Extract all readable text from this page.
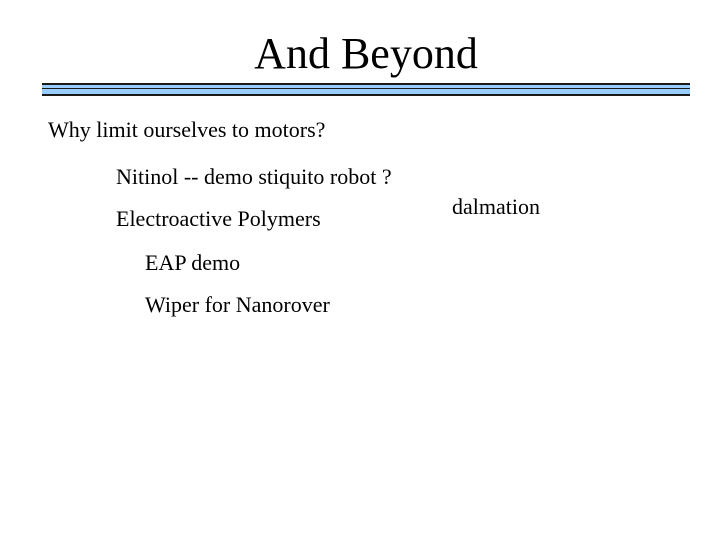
And Beyond
Why limit ourselves to motors?
Nitinol -- demo stiquito robot ?
Electroactive Polymers
EAP demo
Wiper for Nanorover
dalmation
